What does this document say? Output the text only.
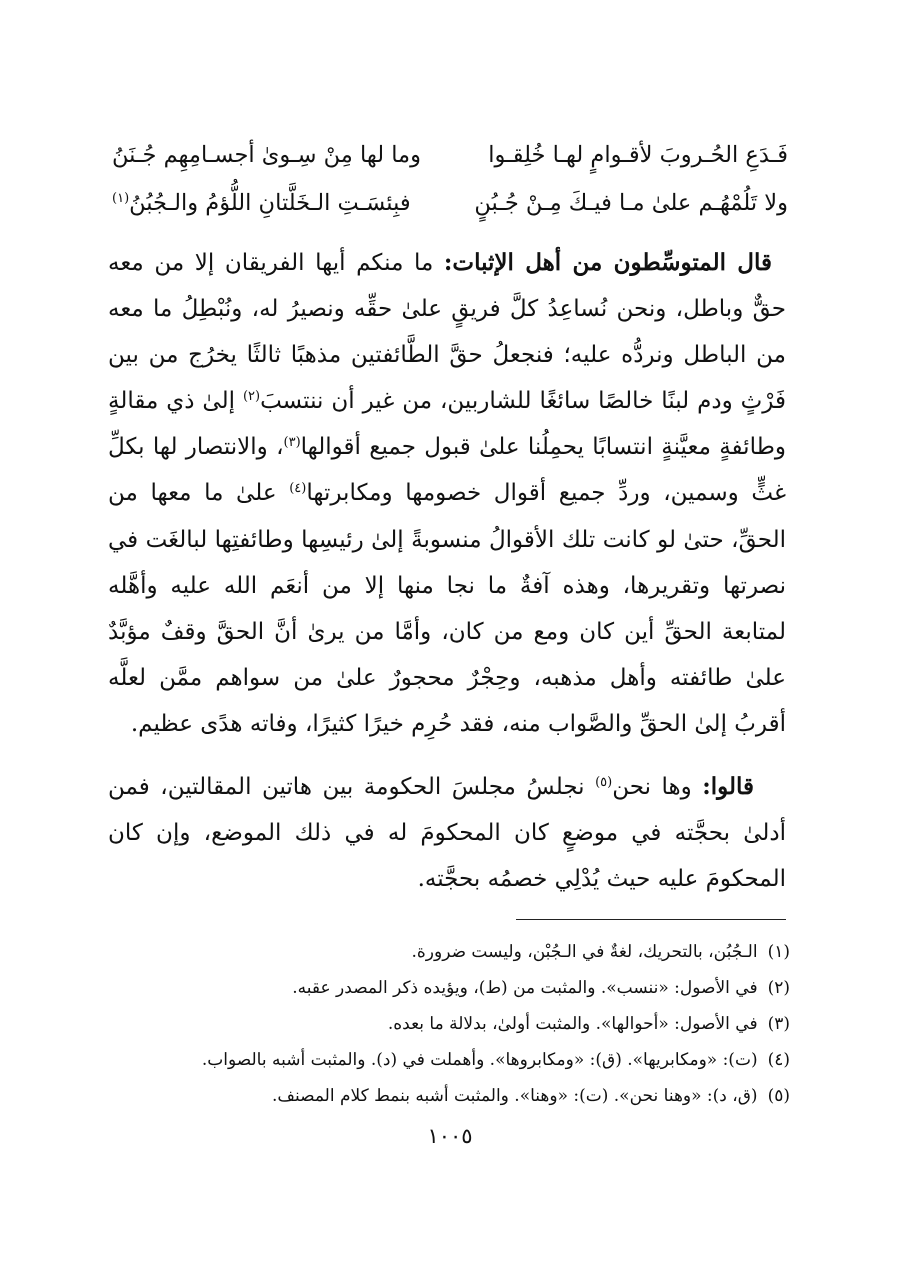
فَـدَعِ الحُـروبَ لأقـوامٍ لهـا خُلِقـوا
وما لها مِنْ سِـوىٰ أجسـامِهِم جُـنَنُ
ولا تَلُمْهُـم علىٰ مـا فيـكَ مِـنْ جُـبُنٍ
فبِئسَـتِ الـخَلَّتانِ اللُّؤمُ والـجُبُنُ$^{(١)}$

قال المتوسِّطون من أهل الإثبات: ما منكم أيها الفريقان إلا من معه حقٌّ وباطل، ونحن نُساعِدُ كلَّ فريقٍ علىٰ حقِّه ونصيرُ له، ونُبْطِلُ ما معه من الباطل ونردُّه عليه؛ فنجعلُ حقَّ الطَّائفتين مذهبًا ثالثًا يخرُج من بين فَرْثٍ ودم لبنًا خالصًا سائغًا للشاربين، من غير أن ننتسبَ$^{(٢)}$ إلىٰ ذي مقالةٍ وطائفةٍ معيَّنةٍ انتسابًا يحمِلُنا علىٰ قبول جميع أقوالها$^{(٣)}$، والانتصار لها بكلِّ غثٍّ وسمين، وردِّ جميع أقوال خصومها ومكابرتها$^{(٤)}$ علىٰ ما معها من الحقِّ، حتىٰ لو كانت تلك الأقوالُ منسوبةً إلىٰ رئيسِها وطائفتِها لبالغَت في نصرتها وتقريرها، وهذه آفةٌ ما نجا منها إلا من أنعَم الله عليه وأهَّله لمتابعة الحقِّ أين كان ومع من كان، وأمَّا من يرىٰ أنَّ الحقَّ وقفٌ مؤبَّدٌ علىٰ طائفته وأهل مذهبه، وحِجْرٌ محجورٌ علىٰ من سواهم ممَّن لعلَّه أقربُ إلىٰ الحقِّ والصَّواب منه، فقد حُرِم خيرًا كثيرًا، وفاته هدًى عظيم.

قالوا: وها نحن$^{(٥)}$ نجلسُ مجلسَ الحكومة بين هاتين المقالتين، فمن أدلىٰ بحجَّته في موضعٍ كان المحكومَ له في ذلك الموضع، وإن كان المحكومَ عليه حيث يُدْلِي خصمُه بحجَّته.

(١)الـجُبُن، بالتحريك، لغةٌ في الـجُبْن، وليست ضرورة.
(٢)في الأصول: «ننسب». والمثبت من (ط)، ويؤيده ذكر المصدر عقبه.
(٣)في الأصول: «أحوالها». والمثبت أولىٰ، بدلالة ما بعده.
(٤)(ت): «ومكابريها». (ق): «ومكابروها». وأهملت في (د). والمثبت أشبه بالصواب.
(٥)(ق، د): «وهنا نحن». (ت): «وهنا». والمثبت أشبه بنمط كلام المصنف.
١٠٠٥
